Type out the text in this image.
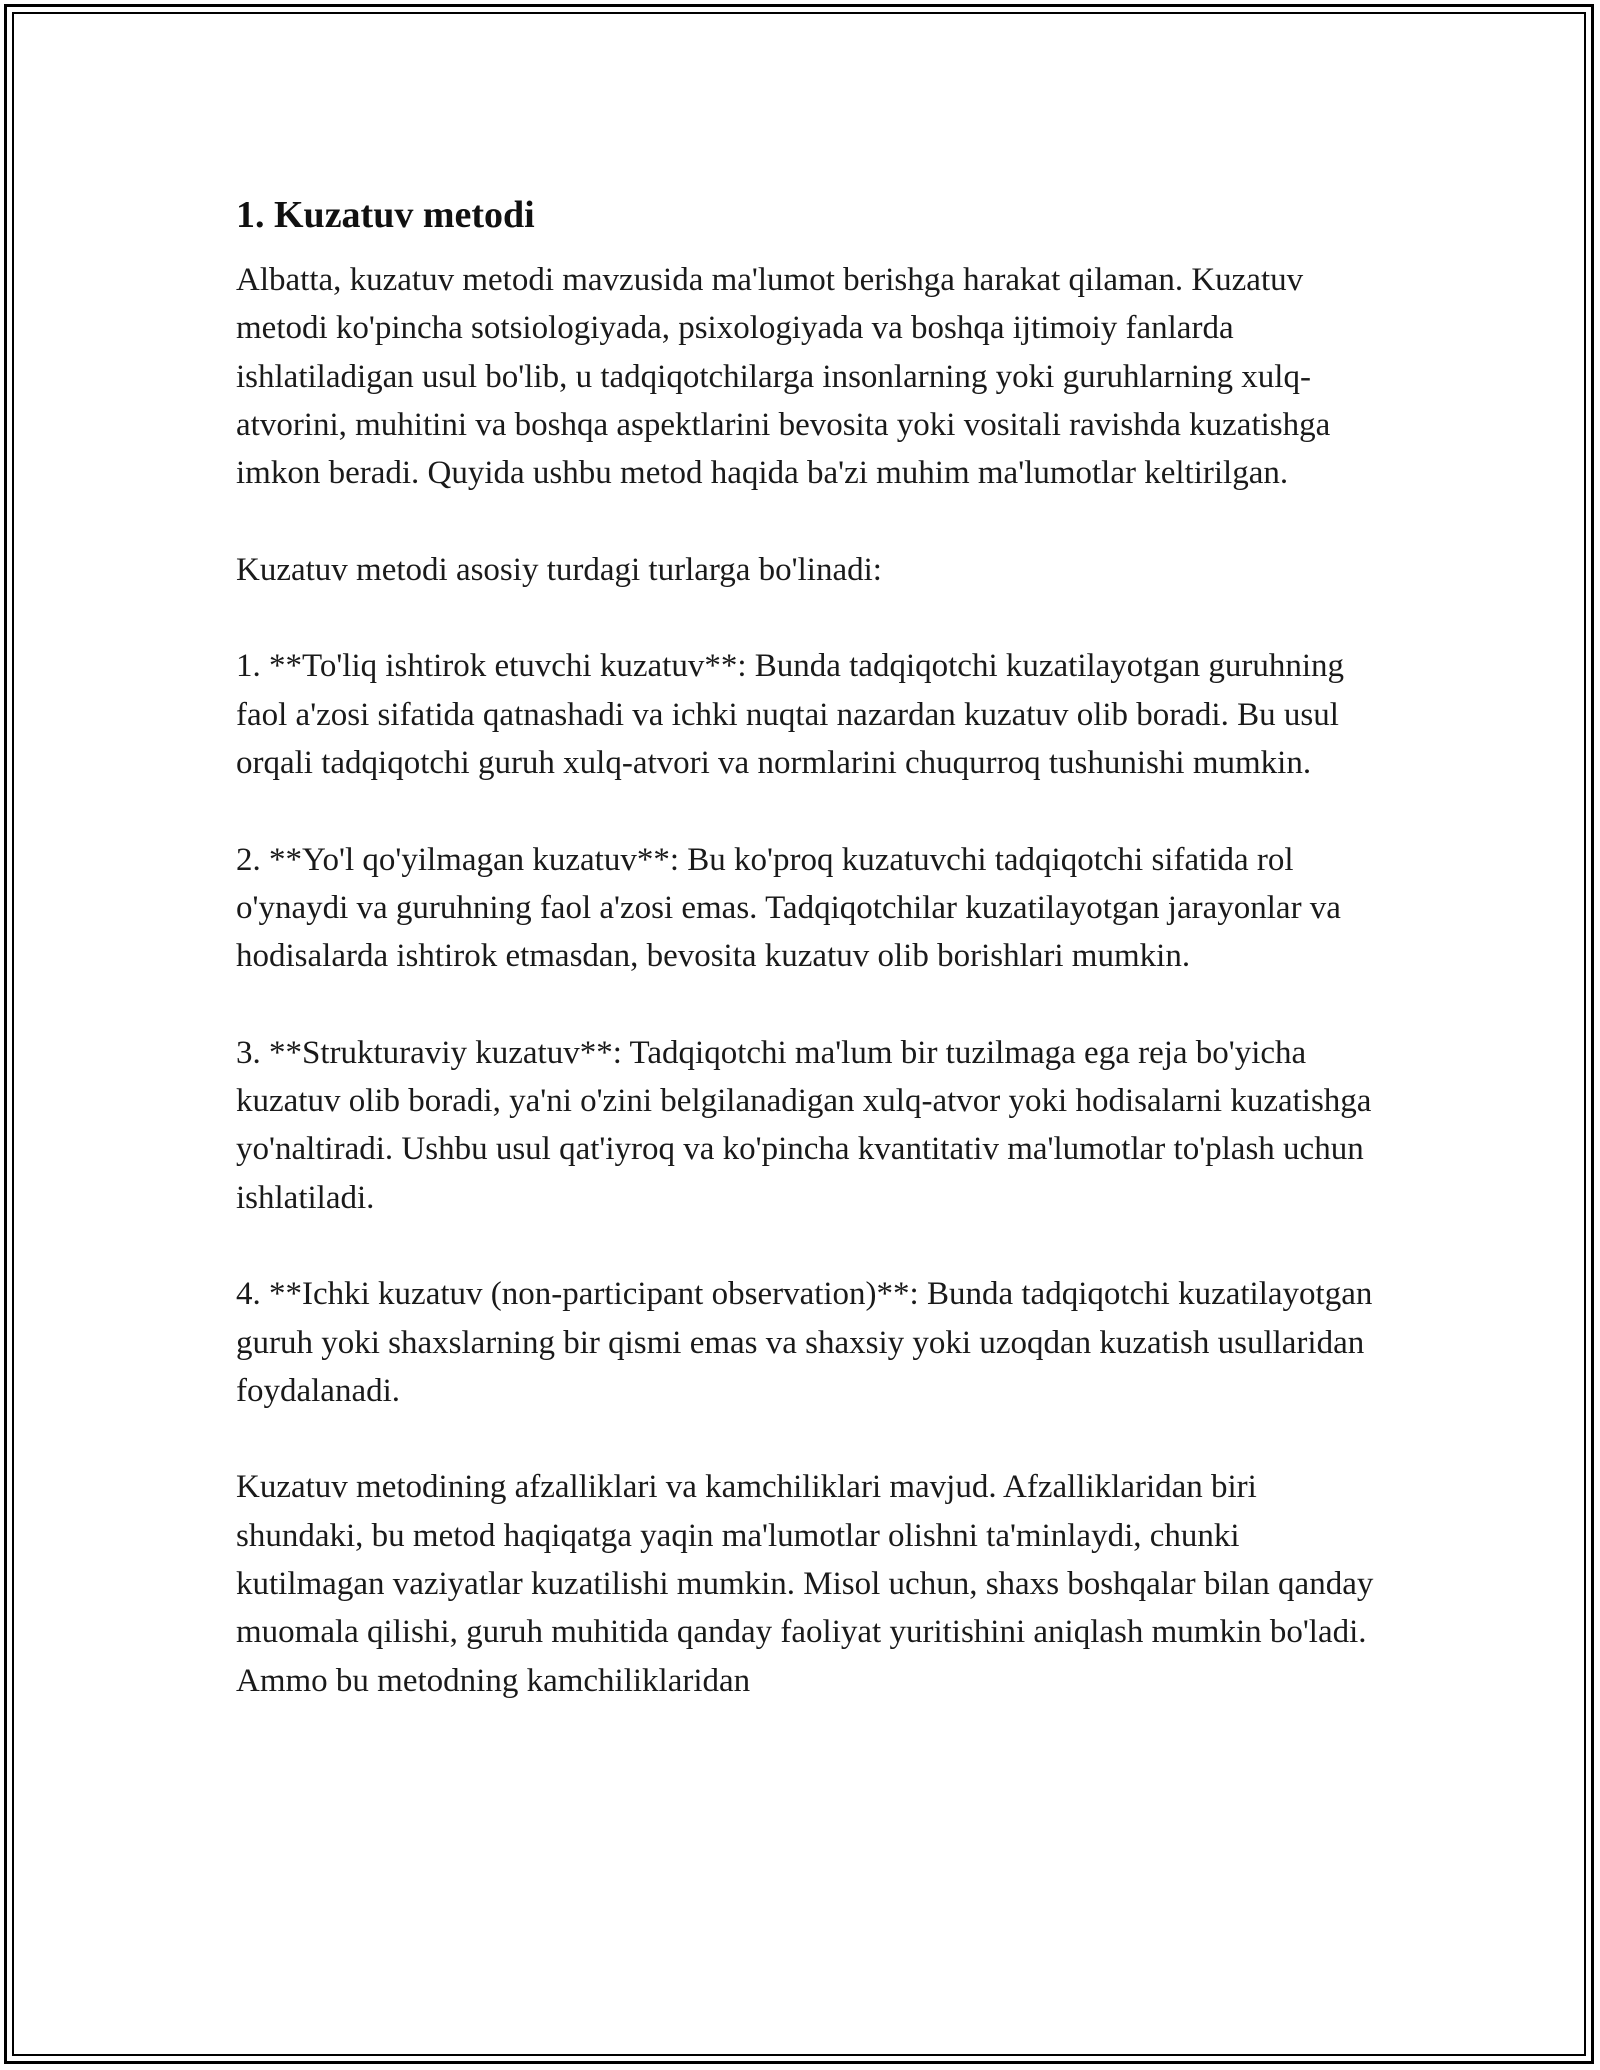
1. Kuzatuv metodi

Albatta, kuzatuv metodi mavzusida ma'lumot berishga harakat qilaman. Kuzatuv metodi ko'pincha sotsiologiyada, psixologiyada va boshqa ijtimoiy fanlarda ishlatiladigan usul bo'lib, u tadqiqotchilarga insonlarning yoki guruhlarning xulq-atvorini, muhitini va boshqa aspektlarini bevosita yoki vositali ravishda kuzatishga imkon beradi. Quyida ushbu metod haqida ba'zi muhim ma'lumotlar keltirilgan.

Kuzatuv metodi asosiy turdagi turlarga bo'linadi:

1. **To'liq ishtirok etuvchi kuzatuv**: Bunda tadqiqotchi kuzatilayotgan guruhning faol a'zosi sifatida qatnashadi va ichki nuqtai nazardan kuzatuv olib boradi. Bu usul orqali tadqiqotchi guruh xulq-atvori va normlarini chuqurroq tushunishi mumkin.

2. **Yo'l qo'yilmagan kuzatuv**: Bu ko'proq kuzatuvchi tadqiqotchi sifatida rol o'ynaydi va guruhning faol a'zosi emas. Tadqiqotchilar kuzatilayotgan jarayonlar va hodisalarda ishtirok etmasdan, bevosita kuzatuv olib borishlari mumkin.

3. **Strukturaviy kuzatuv**: Tadqiqotchi ma'lum bir tuzilmaga ega reja bo'yicha kuzatuv olib boradi, ya'ni o'zini belgilanadigan xulq-atvor yoki hodisalarni kuzatishga yo'naltiradi. Ushbu usul qat'iyroq va ko'pincha kvantitativ ma'lumotlar to'plash uchun ishlatiladi.

4. **Ichki kuzatuv (non-participant observation)**: Bunda tadqiqotchi kuzatilayotgan guruh yoki shaxslarning bir qismi emas va shaxsiy yoki uzoqdan kuzatish usullaridan foydalanadi.

Kuzatuv metodining afzalliklari va kamchiliklari mavjud. Afzalliklaridan biri shundaki, bu metod haqiqatga yaqin ma'lumotlar olishni ta'minlaydi, chunki kutilmagan vaziyatlar kuzatilishi mumkin. Misol uchun, shaxs boshqalar bilan qanday muomala qilishi, guruh muhitida qanday faoliyat yuritishini aniqlash mumkin bo'ladi. Ammo bu metodning kamchiliklaridan
